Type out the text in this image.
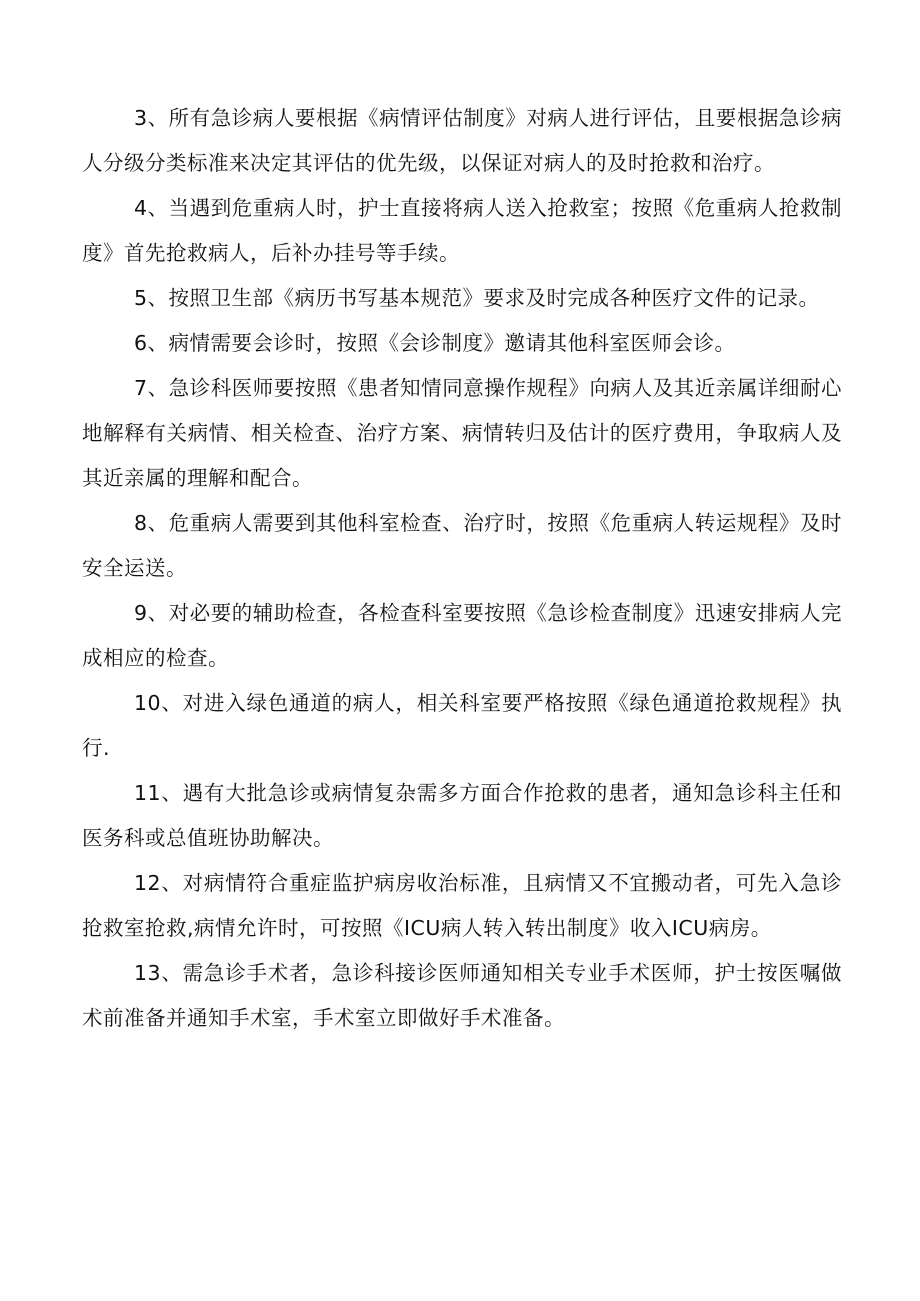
3、所有急诊病人要根据《病情评估制度》对病人进行评估，且要根据急诊病人分级分类标准来决定其评估的优先级，以保证对病人的及时抢救和治疗。

4、当遇到危重病人时，护士直接将病人送入抢救室；按照《危重病人抢救制度》首先抢救病人，后补办挂号等手续。

5、按照卫生部《病历书写基本规范》要求及时完成各种医疗文件的记录。

6、病情需要会诊时，按照《会诊制度》邀请其他科室医师会诊。

7、急诊科医师要按照《患者知情同意操作规程》向病人及其近亲属详细耐心地解释有关病情、相关检查、治疗方案、病情转归及估计的医疗费用，争取病人及其近亲属的理解和配合。

8、危重病人需要到其他科室检查、治疗时，按照《危重病人转运规程》及时安全运送。

9、对必要的辅助检查，各检查科室要按照《急诊检查制度》迅速安排病人完成相应的检查。

10、对进入绿色通道的病人，相关科室要严格按照《绿色通道抢救规程》执行.

11、遇有大批急诊或病情复杂需多方面合作抢救的患者，通知急诊科主任和医务科或总值班协助解决。

12、对病情符合重症监护病房收治标准，且病情又不宜搬动者，可先入急诊抢救室抢救,病情允许时，可按照《ICU病人转入转出制度》收入ICU病房。

13、需急诊手术者，急诊科接诊医师通知相关专业手术医师，护士按医嘱做术前准备并通知手术室，手术室立即做好手术准备。
